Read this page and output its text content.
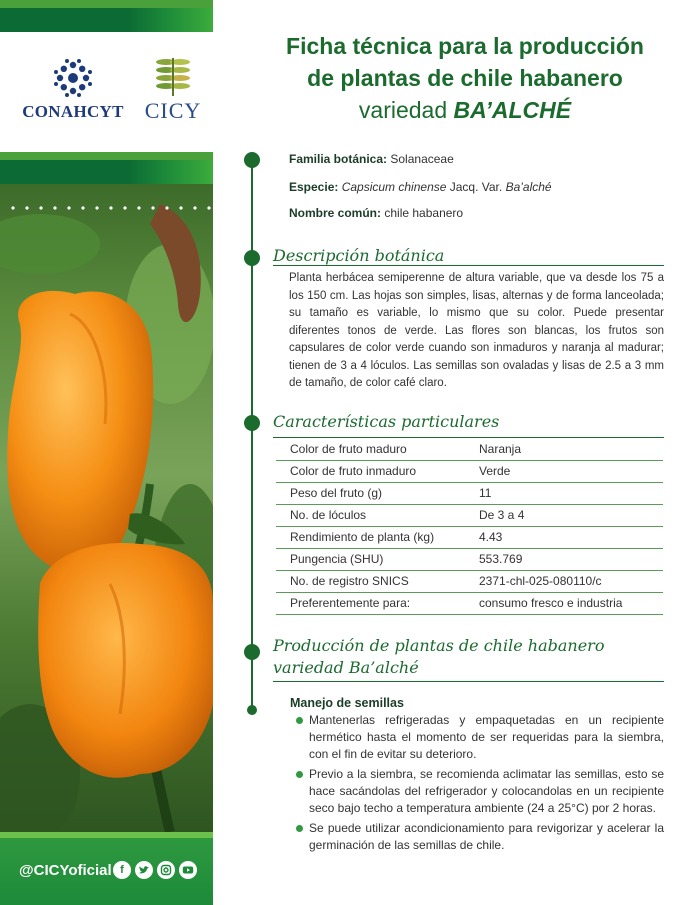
CONAHCYT CICY
@CICYoficial f
Ficha técnica para la producción
de plantas de chile habanero
variedad BA’ALCHÉ
Familia botánica: Solanaceae
Especie: Capsicum chinense Jacq. Var. Ba’alché
Nombre común: chile habanero
Descripción botánica
Planta herbácea semiperenne de altura variable, que va desde los 75 a los 150 cm. Las hojas son simples, lisas, alternas y de forma lanceolada; su tamaño es variable, lo mismo que su color. Puede presentar diferentes tonos de verde. Las flores son blancas, los frutos son capsulares de color verde cuando son inmaduros y naranja al madurar; tienen de 3 a 4 lóculos. Las semillas son ovaladas y lisas de 2.5 a 3 mm de tamaño, de color café claro.
Características particulares
Color de fruto maduro	Naranja
Color de fruto inmaduro	Verde
Peso del fruto (g)	11
No. de lóculos	De 3 a 4
Rendimiento de planta (kg)	4.43
Pungencia (SHU)	553.769
No. de registro SNICS	2371-chl-025-080110/c
Preferentemente para:	consumo fresco e industria
Producción de plantas de chile habanero
variedad Ba’alché
Manejo de semillas
Mantenerlas refrigeradas y empaquetadas en un recipiente hermético hasta el momento de ser requeridas para la siembra, con el fin de evitar su deterioro.
Previo a la siembra, se recomienda aclimatar las semillas, esto se hace sacándolas del refrigerador y colocandolas en un recipiente seco bajo techo a temperatura ambiente (24 a 25°C) por 2 horas.
Se puede utilizar acondicionamiento para revigorizar y acelerar la germinación de las semillas de chile.
